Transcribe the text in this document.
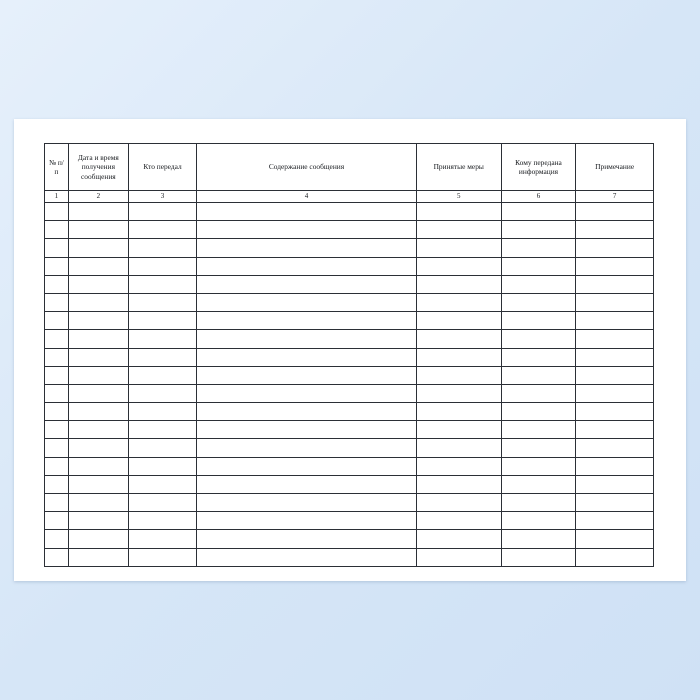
№ п/п	Дата и время получения сообщения	Кто передал	Содержание сообщения	Принятые меры	Кому передана информация	Примечание
1	2	3	4	5	6	7
